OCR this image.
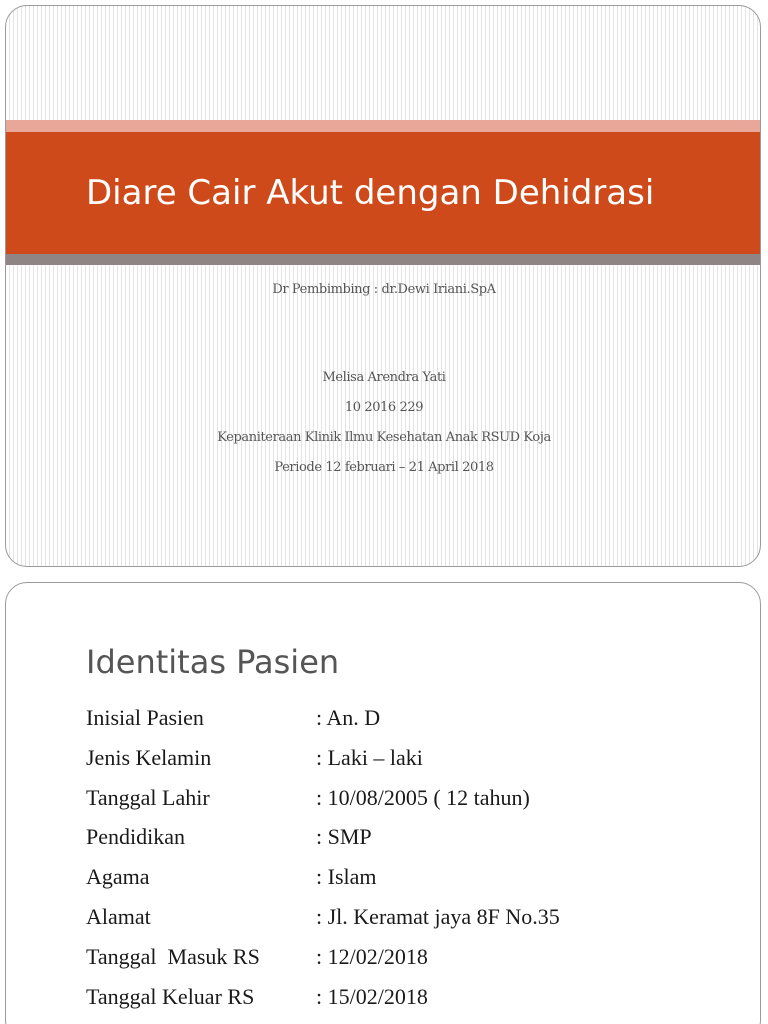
Diare Cair Akut dengan Dehidrasi
Dr Pembimbing : dr.Dewi Iriani.SpA
Melisa Arendra Yati
10 2016 229
Kepaniteraan Klinik Ilmu Kesehatan Anak RSUD Koja
Periode 12 februari – 21 April 2018
Identitas Pasien
Inisial Pasien	: An. D
Jenis Kelamin	: Laki – laki
Tanggal Lahir	: 10/08/2005 ( 12 tahun)
Pendidikan	: SMP
Agama	: Islam
Alamat	: Jl. Keramat jaya 8F No.35
Tanggal  Masuk RS	: 12/02/2018
Tanggal Keluar RS	: 15/02/2018
